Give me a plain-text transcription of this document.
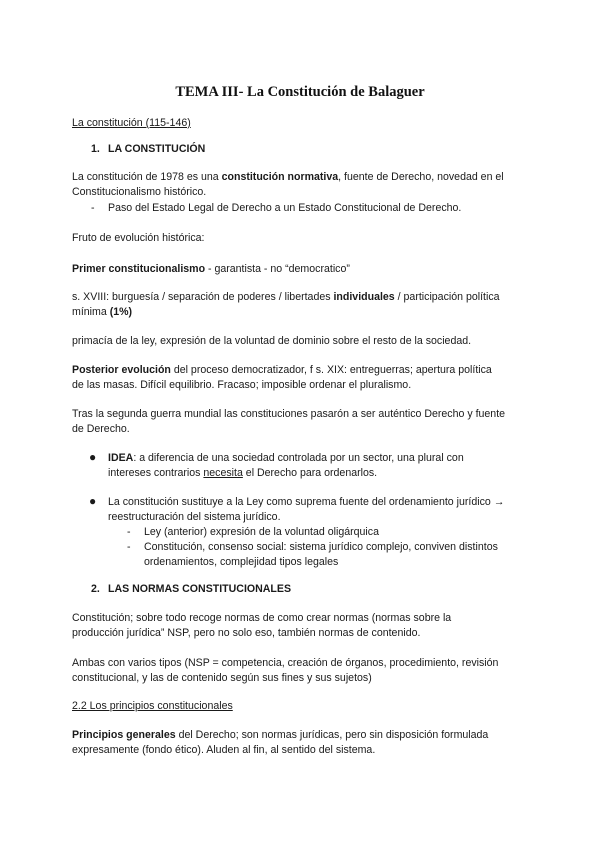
TEMA III- La Constitución de Balaguer
La constitución (115-146)
1. LA CONSTITUCIÓN
La constitución de 1978 es una constitución normativa, fuente de Derecho, novedad en el
Constitucionalismo histórico.
- Paso del Estado Legal de Derecho a un Estado Constitucional de Derecho.
Fruto de evolución histórica:
Primer constitucionalismo - garantista - no “democratico”
s. XVIII: burguesía / separación de poderes / libertades individuales / participación política
mínima (1%)
primacía de la ley, expresión de la voluntad de dominio sobre el resto de la sociedad.
Posterior evolución del proceso democratizador, f s. XIX: entreguerras; apertura política
de las masas. Difícil equilibrio. Fracaso; imposible ordenar el pluralismo.
Tras la segunda guerra mundial las constituciones pasarón a ser auténtico Derecho y fuente
de Derecho.
● IDEA: a diferencia de una sociedad controlada por un sector, una plural con
intereses contrarios necesita el Derecho para ordenarlos.
● La constitución sustituye a la Ley como suprema fuente del ordenamiento jurídico →
reestructuración del sistema jurídico.
- Ley (anterior) expresión de la voluntad oligárquica
- Constitución, consenso social: sistema jurídico complejo, conviven distintos
ordenamientos, complejidad tipos legales
2. LAS NORMAS CONSTITUCIONALES
Constitución; sobre todo recoge normas de como crear normas (normas sobre la
producción jurídica” NSP, pero no solo eso, también normas de contenido.
Ambas con varios tipos (NSP = competencia, creación de órganos, procedimiento, revisión
constitucional, y las de contenido según sus fines y sus sujetos)
2.2 Los principios constitucionales
Principios generales del Derecho; son normas jurídicas, pero sin disposición formulada
expresamente (fondo ético). Aluden al fin, al sentido del sistema.
